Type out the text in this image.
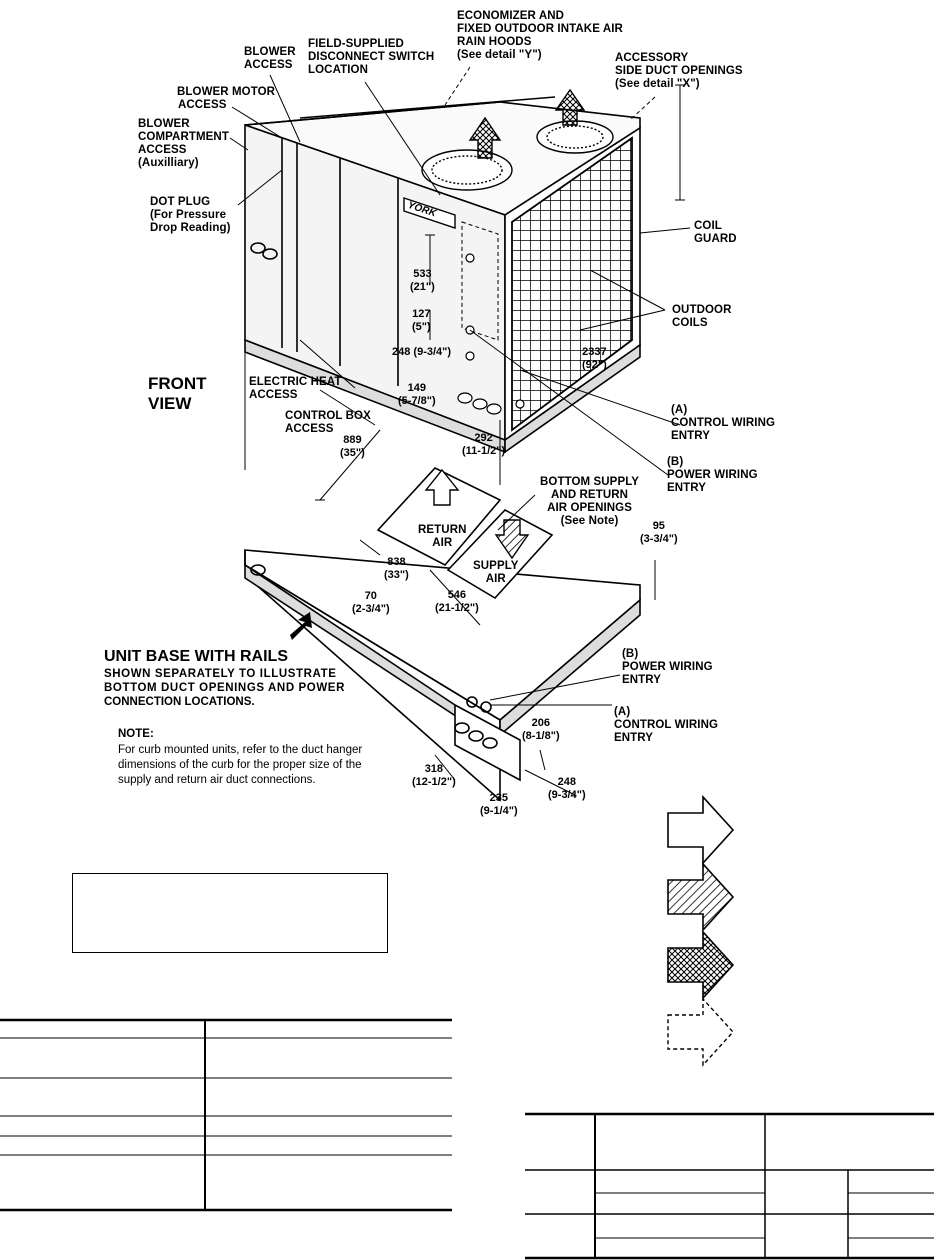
ECONOMIZER AND
FIXED OUTDOOR INTAKE AIR
RAIN HOODS
(See detail "Y")
FIELD-SUPPLIED
DISCONNECT SWITCH
LOCATION
BLOWER
ACCESS
ACCESSORY
SIDE DUCT OPENINGS
(See detail "X")
BLOWER MOTOR
ACCESS
BLOWER
COMPARTMENT
ACCESS
(Auxilliary)
DOT PLUG
(For Pressure
Drop Reading)	COIL
GUARD
OUTDOOR
COILS
FRONT
VIEW
ELECTRIC HEAT
ACCESS
CONTROL BOX
ACCESS
(A)
CONTROL WIRING
ENTRY
(B)
POWER WIRING
ENTRY
BOTTOM SUPPLY
AND RETURN
AIR OPENINGS
(See Note)
RETURN
AIR
SUPPLY
AIR
(B)
POWER WIRING
ENTRY
(A)
CONTROL WIRING
ENTRY
UNIT BASE WITH RAILS
SHOWN SEPARATELY TO ILLUSTRATE
BOTTOM DUCT OPENINGS AND POWER
CONNECTION LOCATIONS.
NOTE:
For curb mounted units, refer to the duct hanger
dimensions of the curb for the proper size of the
supply and return air duct connections.
YORK
533
(21")
127
(5")
248 (9-3/4")
149
(5-7/8")
2337
(92")
889
(35")
292
(11-1/2")
95
(3-3/4")
838
(33")
70
(2-3/4")
546
(21-1/2")
206
(8-1/8")
318
(12-1/2")
235
(9-1/4")
248
(9-3/4")
